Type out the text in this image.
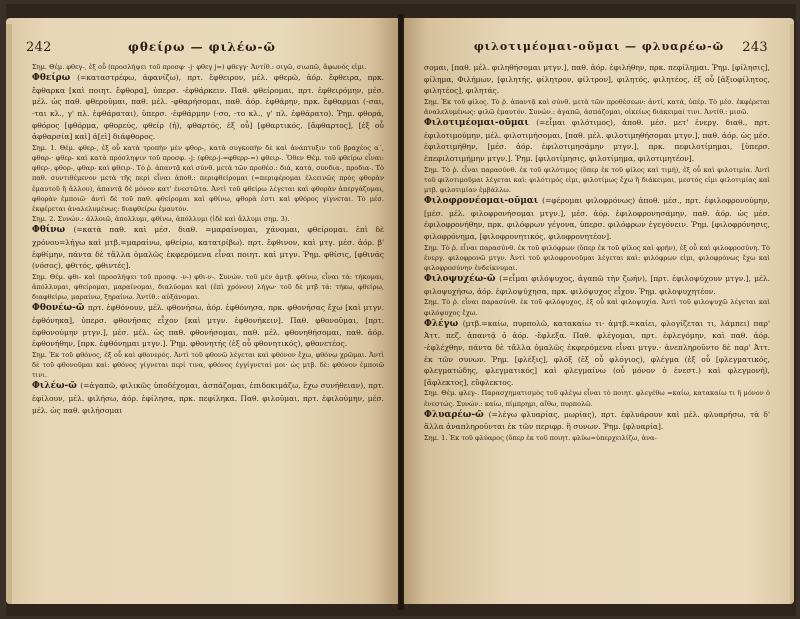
242	φθείρω — φιλέω-ῶ

Σημ. Θέμ. φθεγ-, ἐξ οὗ (προσλήψει τοῦ προσφ· -j· φθεγ j=) φθεγγ· Ἀντίθ.: σιγῶ, σιωπῶ, ἄφωνός εἰμι.

Φθείρω (=καταστρέφω, ἀφανίζω), πρτ. ἔφθειρον, μέλ. φθερῶ, ἀόρ. ἔφθειρα, πρκ. ἔφθαρκα [καὶ ποιητ. ἔφθορα], ὑπερσ. -ἐφθάρκειν. Παθ. φθείρομαι, πρτ. ἐφθειρόμην, μέσ. μέλ. ὡς παθ. φθεροῦμαι, παθ. μέλ. -φθαρήσομαι, παθ. ἀόρ. ἐφθάρην, πρκ. ἔφθαρμαι (-σαι, -ται κλ., γ' πλ. ἐφθάραται), ὑπερσ. -ἐφθάρμην (-σο, -το κλ., γ' πλ. ἐφθάρατο). Ῥημ. φθορά, φθόρος [φθόρμα, φθορεύς, φθείρ (ἡ), φθαρτός, ἐξ οὗ] [φθαρτικός, [ἄφθαρτος], [ἐξ οὗ ἀφθαρσία] καὶ] ἀ[εὶ] διάφθορος.

Σημ. 1. Θέμ. φθερ-, ἐξ οὗ κατὰ τροπὴν μὲν φθορ-, κατὰ συγκοπὴν δὲ καὶ ἀνάπτυξιν τοῦ βραχέος α΄, φθαρ-· φθερ- καὶ κατὰ πρόσληψιν τοῦ προσφ. -j: (φθερ-j-=φθερρ-=) φθειρ-. Ὅθεν Θέμ. τοῦ φθείρω εἶναι: φθερ-, φθορ-, φθαρ- καὶ φθειρ-. Τὸ ῥ. ἀπαντᾷ καὶ σύνθ. μετὰ τῶν προθέσ.: διά, κατά, συνδια-, προδια-. Τὸ παθ. συντιθέμενον μετὰ τῆς περί εἶναι ἀποθ.: περιφθείρομαι (=περιφέρομαι ἐλεεινῶς πρὸς φθορὰν ἐμαυτοῦ ἢ ἄλλου), ἀπαντᾷ δὲ μόνον κατ' ἐνεστῶτα. Ἀντὶ τοῦ φθείρω λέγεται καὶ φθορὰν ἀπεργάζομαι, φθορὰν ἐμποιῶ· ἀντὶ δὲ τοῦ παθ. φθείρομαι καὶ φθίνω, φθορὰ ἐστι καὶ φθόρος γίγνεται. Τὸ μέσ. ἐκφέρεται ἀναλελυμένως: διαφθείρω ἐμαυτόν.

Σημ. 2. Συνών.: ἀλλοιῶ, ἀπολλυμι, φθίνω, ἀπόλλυμι (ἰδὲ καὶ ἄλλυμι σημ. 3).

Φθίνω (=κατὰ παθ. καὶ μέσ. διαθ. =μαραίνομαι, χάνομαι, φθείρομαι. ἐπὶ δὲ χρόνου=λήγω καὶ μτβ.=μαραίνω, φθείρω, κατατρίβω). πρτ. ἔφθινον, καὶ μτγ. μέσ. ἀόρ. β' ἐφθίμην, πάντα δὲ τἄλλα ὁμαλῶς ἐκφερόμενα εἶναι ποιητ. καὶ μτγν. Ῥημ. φθίσις, [φθινάς (νόσος), φθιτός, φθιντές].

Σημ. Θέμ. φθι- καὶ (προσλήψει τοῦ προσφ. -ν-) φθι-ν-. Συνών. τοῦ μὲν ἀμτβ. φθίνω, εἶναι τά: τήκομαι, ἀπόλλυμαι, φθείρομαι, μαραίνομαι, διαλύομαι καὶ (ἐπὶ χρόνου) λήγω· τοῦ δὲ μτβ τά: τήκω, φθείρω, διαφθείρω, μαραίνω, ξηραίνω. Ἀντίθ.: αὐξάνομαι.

Φθονέω-ῶ πρτ. ἐφθόνουν, μέλ. φθονήσω, ἀόρ. ἐφθόνησα, πρκ. φθονήσας ἔχω [καὶ μτγν. ἐφθόνηκα], ὑπερσ. φθονήσας εἶχον [καὶ μτγν. ἐφθονήκειν]. Παθ. φθονοῦμαι, [πρτ. ἐφθονούμην μτγν.], μέσ. μέλ. ὡς παθ. φθονήσομαι, παθ. μέλ. φθονηθήσομαι, παθ. ἀόρ. ἐφθονήθην, [πρκ. ἐφθόνημαι μτγν.]. Ῥημ. φθονητής (ἐξ οὗ φθονητικός), φθονετέος.

Σημ. Ἐκ τοῦ φθόνος, ἐξ οὗ καὶ φθονερός. Ἀντὶ τοῦ φθονῶ λέγεται καὶ φθόνον ἔχω, φθόνῳ χρῶμαι. Ἀντὶ δὲ τοῦ φθονοῦμαι καὶ: φθόνος γίγνεται περί τινα, φθόνος ἐγγίγνεταί μοι· ὡς μτβ. δὲ: φθόνον ἐμποιῶ τινι.

Φιλέω-ῶ (=ἀγαπῶ, φιλικῶς ὑποδέχομαι, ἀσπάζομαι, ἐπιδοκιμάζω, ἔχω συνήθειαν), πρτ. ἐφίλουν, μέλ. φιλήσω, ἀόρ. ἐφίλησα, πρκ. πεφίληκα. Παθ. φιλοῦμαι, πρτ. ἐφιλούμην, μέσ. μέλ. ὡς παθ. φιλήσομαι

243
φιλοτιμέομαι-οῦμαι — φλυαρέω-ῶ

σομαι, [παθ. μέλ. φιληθήσομαι μτγν.], παθ. ἀόρ. ἐφιλήθην, πρκ. πεφίλημαι. Ῥημ. [φίλησις], φίλημα, Φιλήμων, [φιλητής, φίλητρον, φίλτρον], φιλητός, φιλητέος, ἐξ οὗ [ἀξιοφίλητος, φιλητέος], φιλητάς.

Σημ. Ἐκ τοῦ φίλος. Τὸ ῥ. ἀπαντᾷ καὶ σύνθ. μετὰ τῶν προθέσεων: ἀντί, κατά, ὑπέρ. Τὸ μέσ. ἐκφέρεται ἀναλελυμένως: φιλῶ ἐμαυτόν. Συνών.: ἀγαπῶ, ἀσπάζομαι, οἰκείως διάκειμαί τινι. Ἀντίθ.: μισῶ.

Φιλοτιμέομαι-οῦμαι (=εἶμαι φιλότιμος), ἀποθ. μέσ. μετ' ἐνεργ. διαθ., πρτ. ἐφιλοτιμούμην, μέλ. φιλοτιμήσομαι, [παθ. μέλ. φιλοτιμηθήσομαι μτγν.], παθ. ἀόρ. ὡς μέσ. ἐφιλοτιμήθην, [μέσ. ἀόρ. ἐφιλοτιμησάμην μτγν.], πρκ. πεφιλοτίμημαι, [ὑπερσ. ἐπεφιλοτιμήμην μτγν.]. Ῥημ. [φιλοτίμησις, φιλοτίμημα, φιλοτιμητέον].

Σημ. Τὸ ῥ. εἶναι παρασύνθ. ἐκ τοῦ φιλότιμος (ὅπερ ἐκ τοῦ φίλος καὶ τιμή), ἐξ οὗ καὶ φιλοτιμία. Ἀντὶ τοῦ φιλοτιμοῦμαι λέγεται καὶ: φιλότιμός εἰμι, φιλοτίμως ἔχω ἢ διάκειμαι, μεστός εἰμι φιλοτιμίας καὶ μτβ. φιλοτιμίαν ἐμβάλλω.

Φιλοφρονέομαι-οῦμαι (=φέρομαι φιλοφρόνως) ἀποθ. μέσ., πρτ. ἐφιλοφρονούμην, [μέσ. μέλ. φιλοφρονήσομαι μτγν.], μέσ. ἀόρ. ἐφιλοφρονησάμην, παθ. ἀόρ. ὡς μέσ. ἐφιλοφρονήθην, πρκ. φιλόφρων γέγονα, ὑπερσ. φιλόφρων ἐγεγόνειν. Ῥημ. [φιλοφρόνησις, φιλοφρόνημα, [φιλοφρονητικός, φιλοφρονητέον].

Σημ. Τὸ ῥ. εἶναι παρασύνθ. ἐκ τοῦ φιλόφρων (ὅπερ ἐκ τοῦ φίλος καὶ φρήν), ἐξ οὗ καὶ φιλοφροσύνη. Τὸ ἐνεργ. φιλοφρονῶ μτγν. Ἀντὶ τοῦ φιλοφρονοῦμαι λέγεται καὶ: φιλόφρων εἰμι, φιλοφρόνως ἔχω καὶ φιλοφροσύνην ἐνδείκνυμαι.

Φιλοψυχέω-ῶ (=εἶμαι φιλόψυχος, ἀγαπῶ τὴν ζωήν), [πρτ. ἐφιλοψύχουν μτγν.], μέλ. φιλοψυχήσω, ἀόρ. ἐφιλοψύχησα, πρκ. φιλόψυχος εἶχον. Ῥημ. φιλοψυχητέον.

Σημ. Τὸ ῥ. εἶναι παρασύνθ. ἐκ τοῦ φιλόψυχος, ἐξ οὗ καὶ φιλοψυχία. Ἀντὶ τοῦ φιλοψυχῶ λέγεται καὶ φιλόψυχος ἔχω.

Φλέγω (μτβ.=καίω, πυρπολῶ, κατακαίω τι· ἀμτβ.=καίει, φλογίζεται τι, λάμπει) παρ' Ἀττ. πεζ. ἀπαντᾷ ὁ ἀόρ. -ἔφλεξα. Παθ. φλέγομαι, πρτ. ἐφλεγόμην, καὶ παθ. ἀόρ. -ἐφλέχθην, πάντα δὲ τἄλλα ὁμαλῶς ἐκφερόμενα εἶναι μτγν.· ἀνεπληροῦντο δὲ παρ' Ἀττ. ἐκ τῶν συνων. Ῥημ. [φλέξις], φλόξ (ἐξ οὗ φλόγιος), φλέγμα (ἐξ οὗ [φλεγματικός, φλεγματώδης, φλεγματικός] καὶ φλεγμαίνω (οὗ μόνον ὁ ἐνεστ.) καὶ φλεγμονή), [ἄφλεκτος], εὔφλεκτος.

Σημ. Θέμ. φλεγ-. Παρασχηματισμὸς τοῦ φλέγω εἶναι τὸ ποιητ. φλεγέθω =καίω, κατακαίω τι ἢ μόνον ὁ ἐνεστώς. Συνών.: καίω, πίμπρημι, αἴθω, πυρπολῶ.

Φλυαρέω-ῶ (=λέγω φλυαρίας, μωρίας), πρτ. ἐφλυάρουν καὶ μέλ. φλυαρήσω, τὰ δ' ἄλλα ἀναπληροῦνται ἐκ τῶν περιφρ. ἢ συνων. Ῥημ. [φλυαρία].

Σημ. 1. Ἐκ τοῦ φλύαρος (ὅπερ ἐκ τοῦ ποιητ. φλύω=ὑπερχειλίζω, ἀνα-
